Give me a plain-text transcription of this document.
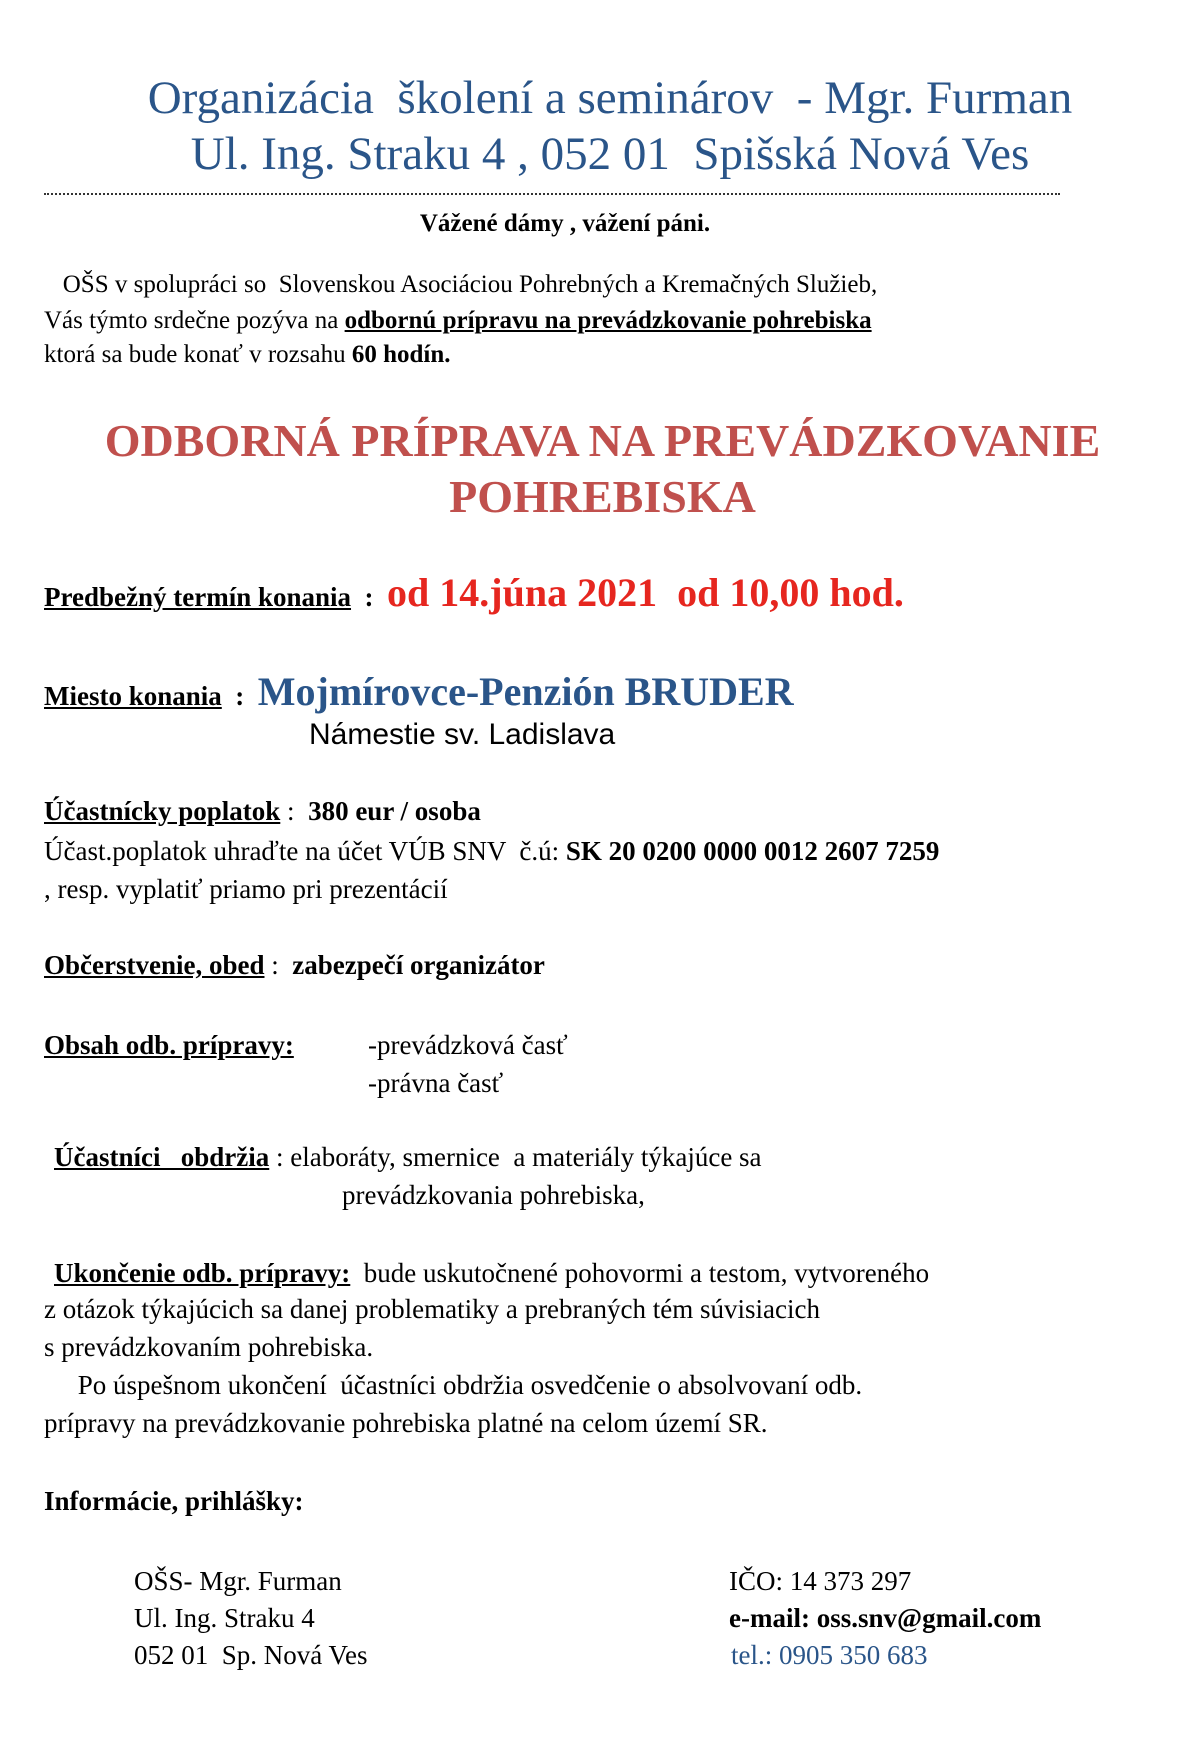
Organizácia  školení a seminárov  - Mgr. Furman
Ul. Ing. Straku 4 , 052 01  Spišská Nová Ves
Vážené dámy , vážení páni.
OŠS v spolupráci so  Slovenskou Asociáciou Pohrebných a Kremačných Služieb,
Vás týmto srdečne pozýva na odbornú prípravu na prevádzkovanie pohrebiska
ktorá sa bude konať v rozsahu 60 hodín.
ODBORNÁ PRÍPRAVA NA PREVÁDZKOVANIE POHREBISKA
Predbežný termín konania  :  od 14.júna 2021  od 10,00 hod.
Miesto konania  :  Mojmírovce-Penzión BRUDER
Námestie sv. Ladislava
Účastnícky poplatok :  380 eur / osoba
Účast.poplatok uhraďte na účet VÚB SNV  č.ú: SK 20 0200 0000 0012 2607 7259
, resp. vyplatiť priamo pri prezentácií
Občerstvenie, obed :  zabezpečí organizátor
Obsah odb. prípravy:	-prevádzková časť
-právna časť
Účastníci   obdržia : elaboráty, smernice  a materiály týkajúce sa
prevádzkovania pohrebiska,
Ukončenie odb. prípravy:  bude uskutočnené pohovormi a testom, vytvoreného
z otázok týkajúcich sa danej problematiky a prebraných tém súvisiacich
s prevádzkovaním pohrebiska.
Po úspešnom ukončení  účastníci obdržia osvedčenie o absolvovaní odb.
prípravy na prevádzkovanie pohrebiska platné na celom území SR.
Informácie, prihlášky:
OŠS- Mgr. Furman
Ul. Ing. Straku 4
052 01  Sp. Nová Ves
IČO: 14 373 297
e-mail: oss.snv@gmail.com
tel.: 0905 350 683
